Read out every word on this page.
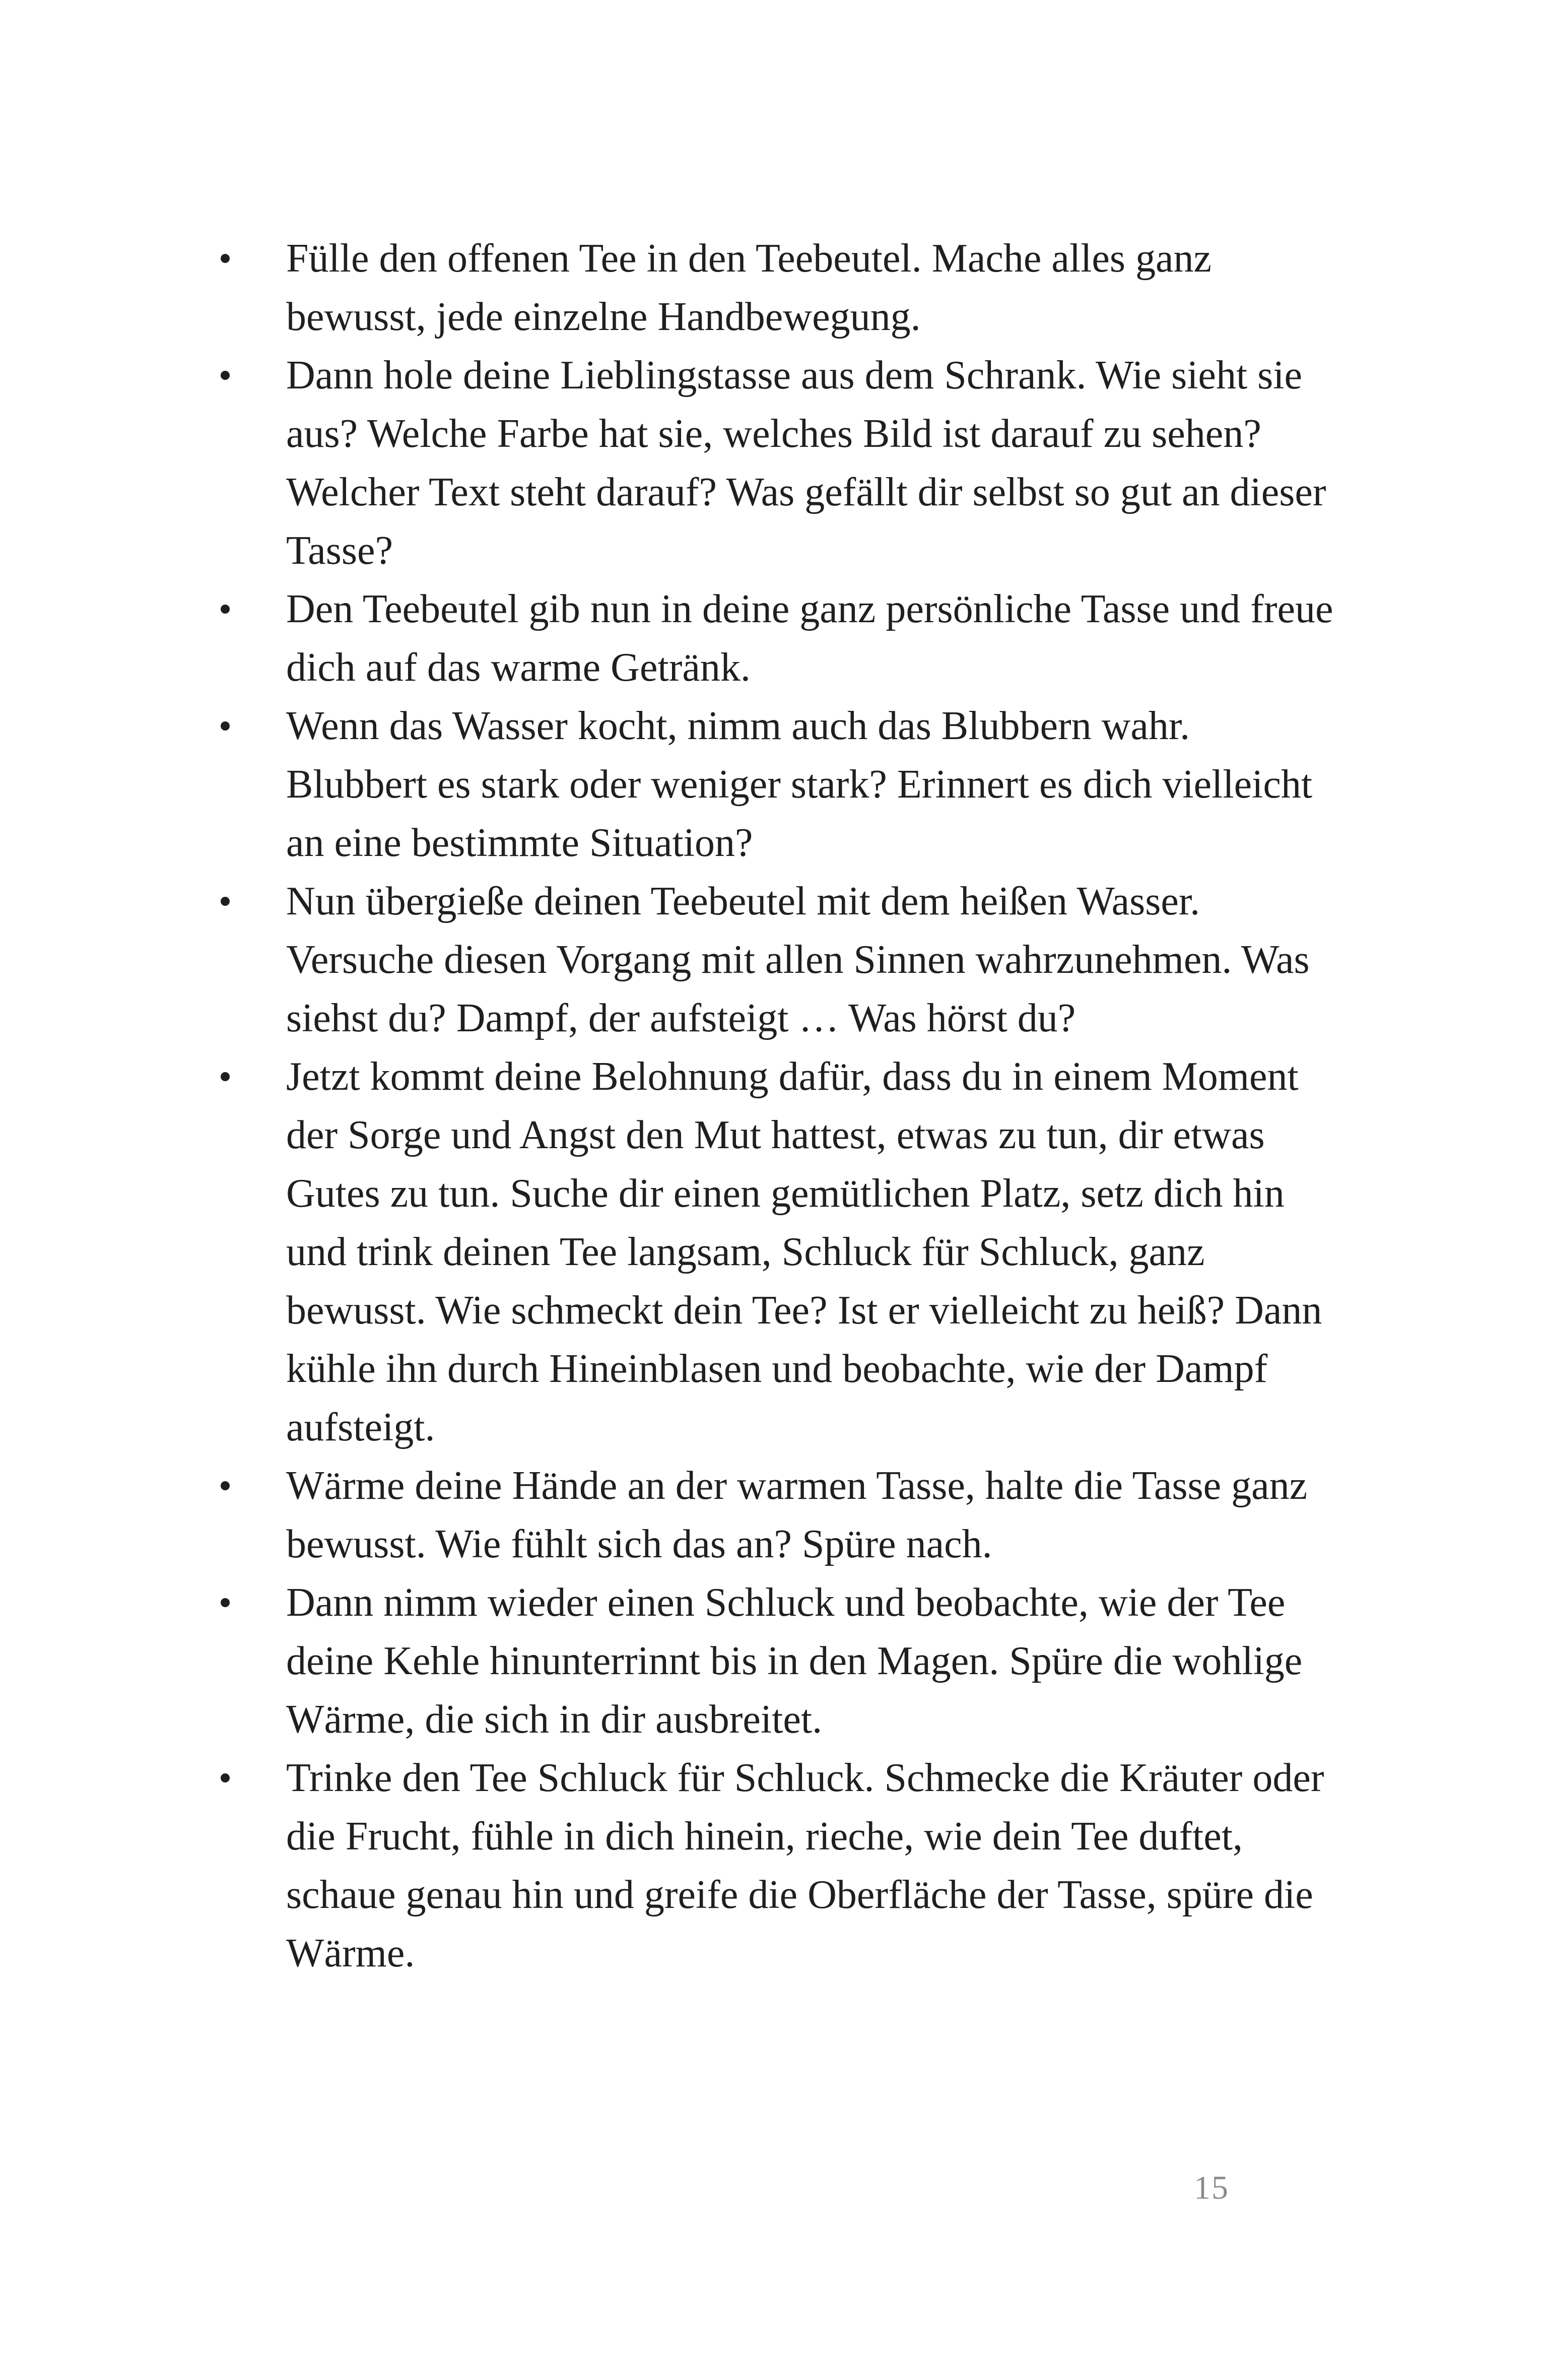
Fülle den offenen Tee in den Teebeutel. Mache alles ganz bewusst, jede einzelne Handbewegung.
Dann hole deine Lieblingstasse aus dem Schrank. Wie sieht sie aus? Welche Farbe hat sie, welches Bild ist darauf zu sehen? Welcher Text steht darauf? Was gefällt dir selbst so gut an dieser Tasse?
Den Teebeutel gib nun in deine ganz persönliche Tasse und freue dich auf das warme Getränk.
Wenn das Wasser kocht, nimm auch das Blubbern wahr. Blubbert es stark oder weniger stark? Erinnert es dich vielleicht an eine bestimmte Situation?
Nun übergieße deinen Teebeutel mit dem heißen Wasser. Versuche diesen Vorgang mit allen Sinnen wahrzunehmen. Was siehst du? Dampf, der aufsteigt … Was hörst du?
Jetzt kommt deine Belohnung dafür, dass du in einem Moment der Sorge und Angst den Mut hattest, etwas zu tun, dir etwas Gutes zu tun. Suche dir einen gemütlichen Platz, setz dich hin und trink deinen Tee langsam, Schluck für Schluck, ganz bewusst. Wie schmeckt dein Tee? Ist er vielleicht zu heiß? Dann kühle ihn durch Hineinblasen und beobachte, wie der Dampf aufsteigt.
Wärme deine Hände an der warmen Tasse, halte die Tasse ganz bewusst. Wie fühlt sich das an? Spüre nach.
Dann nimm wieder einen Schluck und beobachte, wie der Tee deine Kehle hinunterrinnt bis in den Magen. Spüre die wohlige Wärme, die sich in dir ausbreitet.
Trinke den Tee Schluck für Schluck. Schmecke die Kräuter oder die Frucht, fühle in dich hinein, rieche, wie dein Tee duftet, schaue genau hin und greife die Oberfläche der Tasse, spüre die Wärme.
15
